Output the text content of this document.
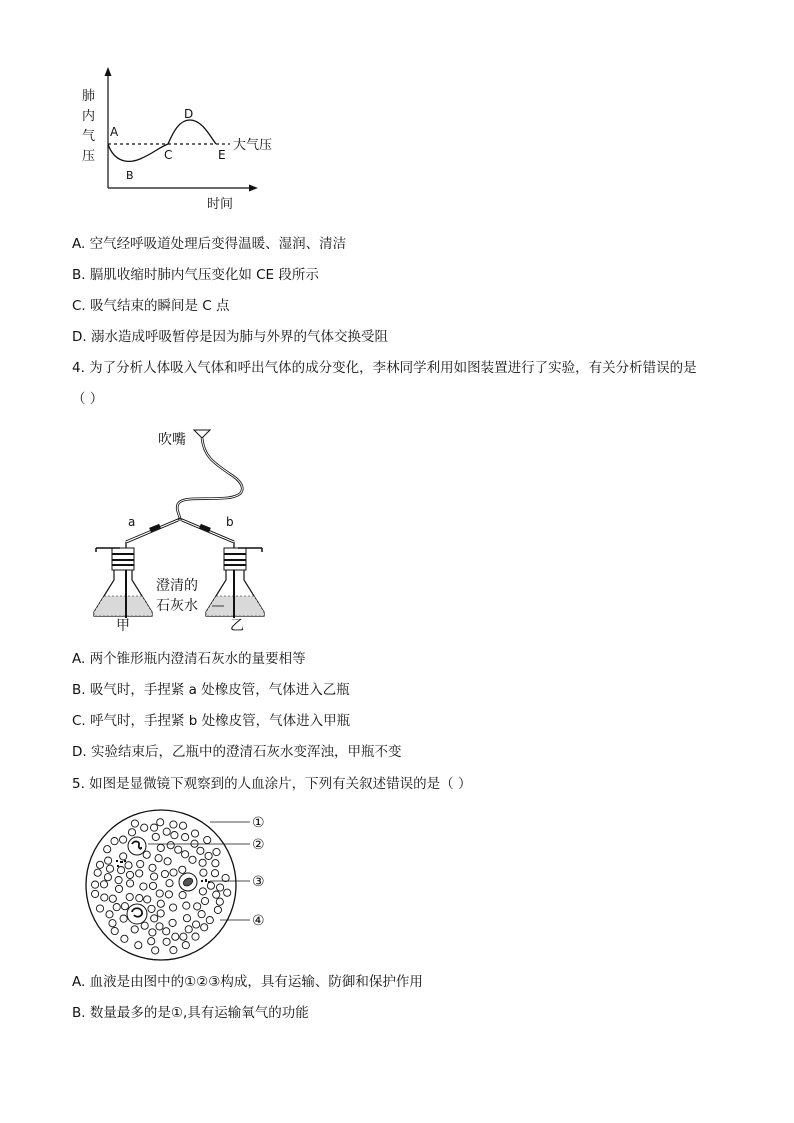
肺
内
气
压
A
B
C
D
E
大气压
时间
A. 空气经呼吸道处理后变得温暖、湿润、清洁
B. 膈肌收缩时肺内气压变化如 CE 段所示
C. 吸气结束的瞬间是 C 点
D. 溺水造成呼吸暂停是因为肺与外界的气体交换受阻
4. 为了分析人体吸入气体和呼出气体的成分变化，李林同学利用如图装置进行了实验，有关分析错误的是
（ ）
吹嘴
a	b
澄清的
石灰水
甲	乙
A. 两个锥形瓶内澄清石灰水的量要相等
B. 吸气时，手捏紧 a 处橡皮管，气体进入乙瓶
C. 呼气时，手捏紧 b 处橡皮管，气体进入甲瓶
D. 实验结束后，乙瓶中的澄清石灰水变浑浊，甲瓶不变
5. 如图是显微镜下观察到的人血涂片，下列有关叙述错误的是（ ）
①
②
③
④
A. 血液是由图中的①②③构成，具有运输、防御和保护作用
B. 数量最多的是①,具有运输氧气的功能
